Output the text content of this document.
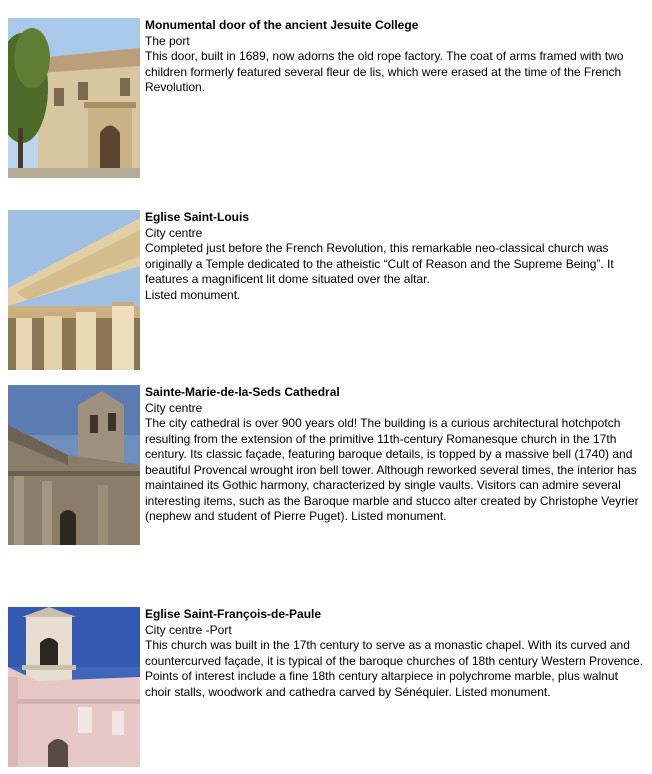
Monumental door of the ancient Jesuite College

The port

This door, built in 1689, now adorns the old rope factory. The coat of arms framed with two children formerly featured several fleur de lis, which were erased at the time of the French Revolution.

Eglise Saint-Louis

City centre

Completed just before the French Revolution, this remarkable neo-classical church was originally a Temple dedicated to the atheistic “Cult of Reason and the Supreme Being”. It features a magnificent lit dome situated over the altar.

Listed monument.

Sainte-Marie-de-la-Seds Cathedral

City centre

The city cathedral is over 900 years old! The building is a curious architectural hotchpotch resulting from the extension of the primitive 11th-century Romanesque church in the 17th century. Its classic façade, featuring baroque details, is topped by a massive bell (1740) and beautiful Provencal wrought iron bell tower. Although reworked several times, the interior has maintained its Gothic harmony, characterized by single vaults. Visitors can admire several interesting items, such as the Baroque marble and stucco alter created by Christophe Veyrier (nephew and student of Pierre Puget). Listed monument.

Eglise Saint-François-de-Paule

City centre -Port

This church was built in the 17th century to serve as a monastic chapel. With its curved and countercurved façade, it is typical of the baroque churches of 18th century Western Provence. Points of interest include a fine 18th century altarpiece in polychrome marble, plus walnut choir stalls, woodwork and cathedra carved by Sénéquier. Listed monument.
